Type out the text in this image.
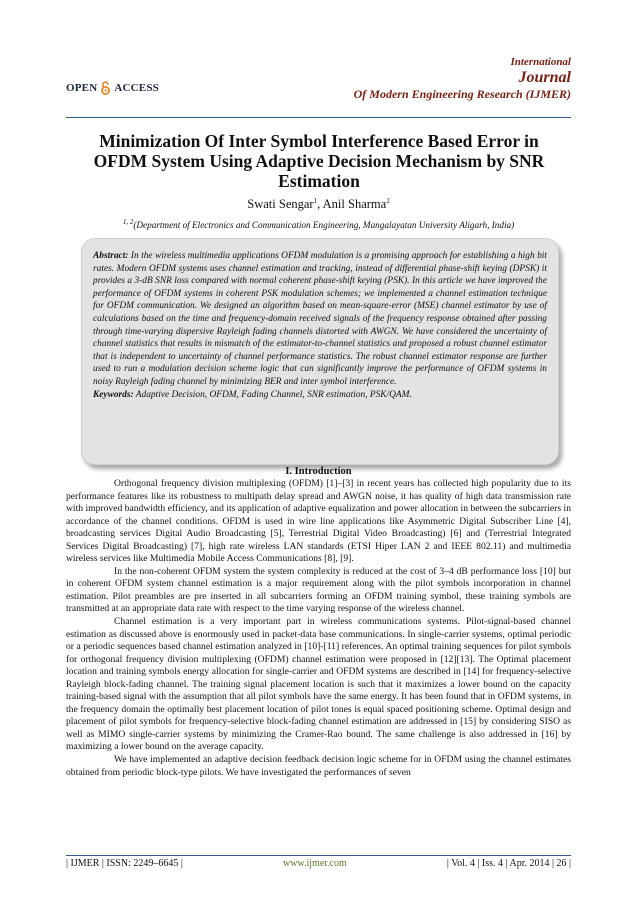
OPEN ACCESS
International
Journal
Of Modern Engineering Research (IJMER)
Minimization Of Inter Symbol Interference Based Error in OFDM System Using Adaptive Decision Mechanism by SNR Estimation
Swati Sengar$^1$, Anil Sharma$^2$
$^{1, 2}$(Department of Electronics and Communication Engineering, Mangalayatan University Aligarh, India)
Abstract: In the wireless multimedia applications OFDM modulation is a promising approach for establishing a high bit rates. Modern OFDM systems uses channel estimation and tracking, instead of differential phase-shift keying (DPSK) it provides a 3-dB SNR loss compared with normal coherent phase-shift keying (PSK). In this article we have improved the performance of OFDM systems in coherent PSK modulation schemes; we implemented a channel estimation technique for OFDM communication. We designed an algorithm based on mean-square-error (MSE) channel estimator by use of calculations based on the time and frequency-domain received signals of the frequency response obtained after passing through time-varying dispersive Rayleigh fading channels distorted with AWGN. We have considered the uncertainty of channel statistics that results in mismatch of the estimator-to-channel statistics and proposed a robust channel estimator that is independent to uncertainty of channel performance statistics. The robust channel estimator response are further used to run a modulation decision scheme logic that can significantly improve the performance of OFDM systems in noisy Rayleigh fading channel by minimizing BER and inter symbol interference.
Keywords: Adaptive Decision, OFDM, Fading Channel, SNR estimation, PSK/QAM.
I. Introduction

Orthogonal frequency division multiplexing (OFDM) [1]–[3] in recent years has collected high popularity due to its performance features like its robustness to multipath delay spread and AWGN noise, it has quality of high data transmission rate with improved bandwidth efficiency, and its application of adaptive equalization and power allocation in between the subcarriers in accordance of the channel conditions. OFDM is used in wire line applications like Asymmetric Digital Subscriber Line [4], broadcasting services Digital Audio Broadcasting [5], Terrestrial Digital Video Broadcasting) [6] and (Terrestrial Integrated Services Digital Broadcasting) [7], high rate wireless LAN standards (ETSI Hiper LAN 2 and IEEE 802.11) and multimedia wireless services like Multimedia Mobile Access Communications [8], [9].

In the non-coherent OFDM system the system complexity is reduced at the cost of 3–4 dB performance loss [10] but in coherent OFDM system channel estimation is a major requirement along with the pilot symbols incorporation in channel estimation. Pilot preambles are pre inserted in all subcarriers forming an OFDM training symbol, these training symbols are transmitted at an appropriate data rate with respect to the time varying response of the wireless channel.

Channel estimation is a very important part in wireless communications systems. Pilot-signal-based channel estimation as discussed above is enormously used in packet-data base communications. In single-carrier systems, optimal periodic or a periodic sequences based channel estimation analyzed in [10]-[11] references. An optimal training sequences for pilot symbols for orthogonal frequency division multiplexing (OFDM) channel estimation were proposed in [12][13]. The Optimal placement location and training symbols energy allocation for single-carrier and OFDM systems are described in [14] for frequency-selective Rayleigh block-fading channel. The training signal placement location is such that it maximizes a lower bound on the capacity training-based signal with the assumption that all pilot symbols have the same energy. It has been found that in OFDM systems, in the frequency domain the optimally best placement location of pilot tones is equal spaced positioning scheme. Optimal design and placement of pilot symbols for frequency-selective block-fading channel estimation are addressed in [15] by considering SISO as well as MIMO single-carrier systems by minimizing the Cramer-Rao bound. The same challenge is also addressed in [16] by maximizing a lower bound on the average capacity.

We have implemented an adaptive decision feedback decision logic scheme for in OFDM using the channel estimates obtained from periodic block-type pilots. We have investigated the performances of seven

| IJMER | ISSN: 2249–6645 |	www.ijmer.com	| Vol. 4 | Iss. 4 | Apr. 2014 | 26 |
